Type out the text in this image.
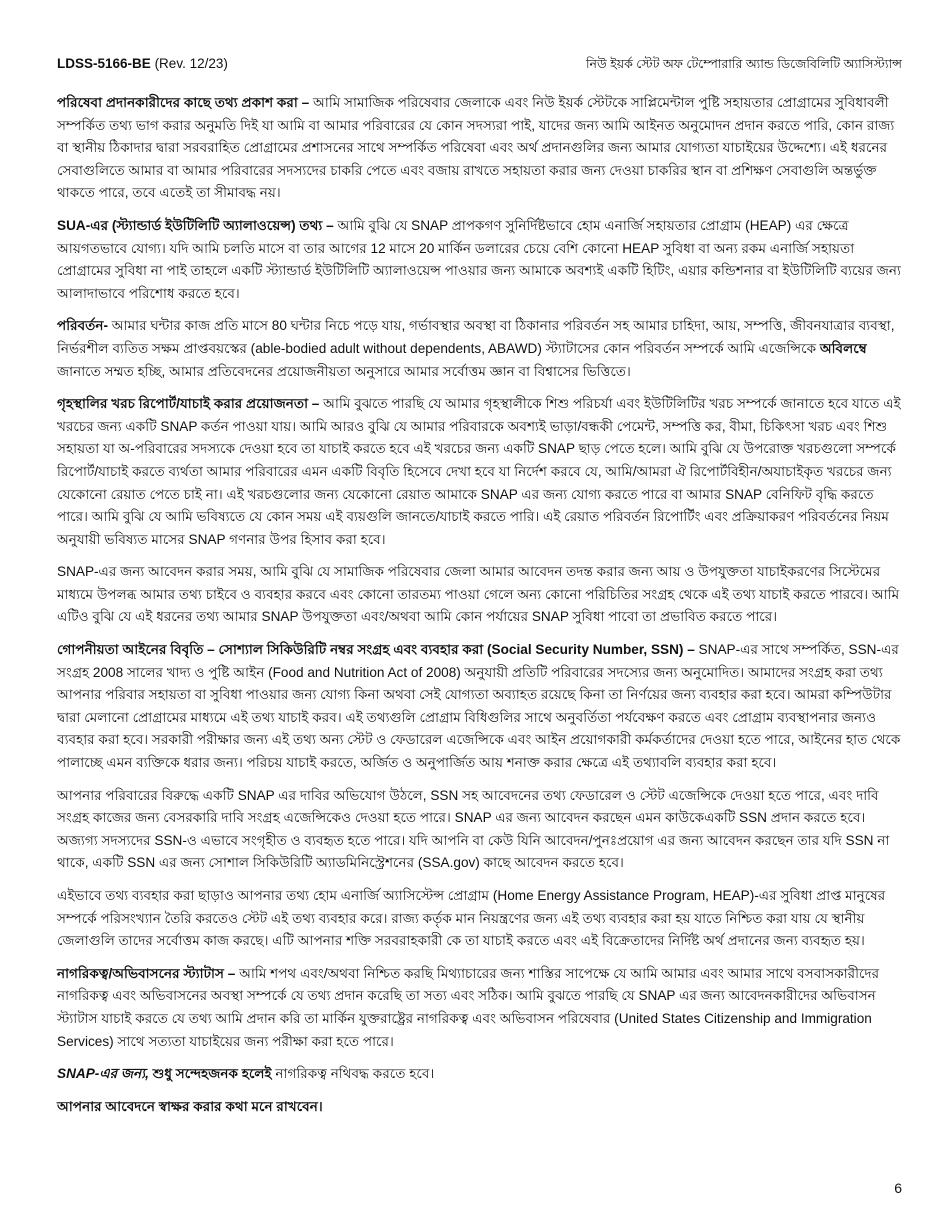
LDSS-5166-BE (Rev. 12/23)	নিউ ইয়র্ক স্টেট অফ টেম্পোরারি অ্যান্ড ডিজেবিলিটি অ্যাসিস্ট্যান্স

পরিষেবা প্রদানকারীদের কাছে তথ্য প্রকাশ করা – আমি সামাজিক পরিষেবার জেলাকে এবং নিউ ইয়র্ক স্টেটকে সাপ্লিমেন্টাল পুষ্টি সহায়তার প্রোগ্রামের সুবিধাবলী সম্পর্কিত তথ্য ভাগ করার অনুমতি দিই যা আমি বা আমার পরিবারের যে কোন সদস্যরা পাই, যাদের জন্য আমি আইনত অনুমোদন প্রদান করতে পারি, কোন রাজ্য বা স্থানীয় ঠিকাদার দ্বারা সরবরাহিত প্রোগ্রামের প্রশাসনের সাথে সম্পর্কিত পরিষেবা এবং অর্থ প্রদানগুলির জন্য আমার যোগ্যতা যাচাইয়ের উদ্দেশ্যে। এই ধরনের সেবাগুলিতে আমার বা আমার পরিবারের সদস্যদের চাকরি পেতে এবং বজায় রাখতে সহায়তা করার জন্য দেওয়া চাকরির স্থান বা প্রশিক্ষণ সেবাগুলি অন্তর্ভুক্ত থাকতে পারে, তবে এতেই তা সীমাবদ্ধ নয়।

SUA-এর (স্ট্যান্ডার্ড ইউটিলিটি অ্যালাওয়েন্স) তথ্য – আমি বুঝি যে SNAP প্রাপকগণ সুনির্দিষ্টভাবে হোম এনার্জি সহায়তার প্রোগ্রাম (HEAP) এর ক্ষেত্রে আয়গতভাবে যোগ্য। যদি আমি চলতি মাসে বা তার আগের 12 মাসে 20 মার্কিন ডলারের চেয়ে বেশি কোনো HEAP সুবিধা বা অন্য রকম এনার্জি সহায়তা প্রোগ্রামের সুবিধা না পাই তাহলে একটি স্ট্যান্ডার্ড ইউটিলিটি অ্যালাওয়েন্স পাওয়ার জন্য আমাকে অবশ্যই একটি হিটিং, এয়ার কন্ডিশনার বা ইউটিলিটি ব্যয়ের জন্য আলাদাভাবে পরিশোধ করতে হবে।

পরিবর্তন- আমার ঘন্টার কাজ প্রতি মাসে 80 ঘন্টার নিচে পড়ে যায়, গর্ভাবস্থার অবস্থা বা ঠিকানার পরিবর্তন সহ আমার চাহিদা, আয়, সম্পত্তি, জীবনযাত্রার ব্যবস্থা, নির্ভরশীল ব্যতিত সক্ষম প্রাপ্তবয়স্কের (able-bodied adult without dependents, ABAWD) স্ট্যাটাসের কোন পরিবর্তন সম্পর্কে আমি এজেন্সিকে অবিলম্বে জানাতে সম্মত হচ্ছি, আমার প্রতিবেদনের প্রয়োজনীয়তা অনুসারে আমার সর্বোত্তম জ্ঞান বা বিশ্বাসের ভিত্তিতে।

গৃহস্থালির খরচ রিপোর্ট/যাচাই করার প্রয়োজনতা – আমি বুঝতে পারছি যে আমার গৃহস্থালীকে শিশু পরিচর্যা এবং ইউটিলিটির খরচ সম্পর্কে জানাতে হবে যাতে এই খরচের জন্য একটি SNAP কর্তন পাওয়া যায়। আমি আরও বুঝি যে আমার পরিবারকে অবশ্যই ভাড়া/বন্ধকী পেমেন্ট, সম্পত্তি কর, বীমা, চিকিৎসা খরচ এবং শিশু সহায়তা যা অ-পরিবারের সদস্যকে দেওয়া হবে তা যাচাই করতে হবে এই খরচের জন্য একটি SNAP ছাড় পেতে হলে। আমি বুঝি যে উপরোক্ত খরচগুলো সম্পর্কে রিপোর্ট/যাচাই করতে ব্যর্থতা আমার পরিবারের এমন একটি বিবৃতি হিসেবে দেখা হবে যা নির্দেশ করবে যে, আমি/আমরা ঐ রিপোর্টবিহীন/অযাচাইকৃত খরচের জন্য যেকোনো রেয়াত পেতে চাই না। এই খরচগুলোর জন্য যেকোনো রেয়াত আমাকে SNAP এর জন্য যোগ্য করতে পারে বা আমার SNAP বেনিফিট বৃদ্ধি করতে পারে। আমি বুঝি যে আমি ভবিষ্যতে যে কোন সময় এই ব্যয়গুলি জানতে/যাচাই করতে পারি। এই রেয়াত পরিবর্তন রিপোর্টিং এবং প্রক্রিয়াকরণ পরিবর্তনের নিয়ম অনুযায়ী ভবিষ্যত মাসের SNAP গণনার উপর হিসাব করা হবে।

SNAP-এর জন্য আবেদন করার সময়, আমি বুঝি যে সামাজিক পরিষেবার জেলা আমার আবেদন তদন্ত করার জন্য আয় ও উপযুক্ততা যাচাইকরণের সিস্টেমের মাধ্যমে উপলব্ধ আমার তথ্য চাইবে ও ব্যবহার করবে এবং কোনো তারতম্য পাওয়া গেলে অন্য কোনো পরিচিতির সংগ্রহ থেকে এই তথ্য যাচাই করতে পারবে। আমি এটিও বুঝি যে এই ধরনের তথ্য আমার SNAP উপযুক্ততা এবং/অথবা আমি কোন পর্যায়ের SNAP সুবিধা পাবো তা প্রভাবিত করতে পারে।

গোপনীয়তা আইনের বিবৃতি – সোশ্যাল সিকিউরিটি নম্বর সংগ্রহ এবং ব্যবহার করা (Social Security Number, SSN) – SNAP-এর সাথে সম্পর্কিত, SSN-এর সংগ্রহ 2008 সালের খাদ্য ও পুষ্টি আইন (Food and Nutrition Act of 2008) অনুযায়ী প্রতিটি পরিবারের সদস্যের জন্য অনুমোদিত। আমাদের সংগ্রহ করা তথ্য আপনার পরিবার সহায়তা বা সুবিধা পাওয়ার জন্য যোগ্য কিনা অথবা সেই যোগ্যতা অব্যাহত রয়েছে কিনা তা নির্ণয়ের জন্য ব্যবহার করা হবে। আমরা কম্পিউটার দ্বারা মেলানো প্রোগ্রামের মাধ্যমে এই তথ্য যাচাই করব। এই তথ্যগুলি প্রোগ্রাম বিধিগুলির সাথে অনুবর্তিতা পর্যবেক্ষণ করতে এবং প্রোগ্রাম ব্যবস্থাপনার জন্যও ব্যবহার করা হবে। সরকারী পরীক্ষার জন্য এই তথ্য অন্য স্টেট ও ফেডারেল এজেন্সিকে এবং আইন প্রয়োগকারী কর্মকর্তাদের দেওয়া হতে পারে, আইনের হাত থেকে পালাচ্ছে এমন ব্যক্তিকে ধরার জন্য। পরিচয় যাচাই করতে, অর্জিত ও অনুপার্জিত আয় শনাক্ত করার ক্ষেত্রে এই তথ্যাবলি ব্যবহার করা হবে।

আপনার পরিবারের বিরুদ্ধে একটি SNAP এর দাবির অভিযোগ উঠলে, SSN সহ আবেদনের তথ্য ফেডারেল ও স্টেট এজেন্সিকে দেওয়া হতে পারে, এবং দাবি সংগ্রহ কাজের জন্য বেসরকারি দাবি সংগ্রহ এজেন্সিকেও দেওয়া হতে পারে। SNAP এর জন্য আবেদন করছেন এমন কাউকেএকটি SSN প্রদান করতে হবে। অজ্যগ্য সদস্যদের SSN-ও এভাবে সংগৃহীত ও ব্যবহৃত হতে পারে। যদি আপনি বা কেউ যিনি আবেদন/পুনঃপ্রয়োগ এর জন্য আবেদন করছেন তার যদি SSN না থাকে, একটি SSN এর জন্য সোশাল সিকিউরিটি অ্যাডমিনিস্ট্রেশনের (SSA.gov) কাছে আবেদন করতে হবে।

এইভাবে তথ্য ব্যবহার করা ছাড়াও আপনার তথ্য হোম এনার্জি অ্যাসিস্টেন্স প্রোগ্রাম (Home Energy Assistance Program, HEAP)-এর সুবিধা প্রাপ্ত মানুষের সম্পর্কে পরিসংখ্যান তৈরি করতেও স্টেট এই তথ্য ব্যবহার করে। রাজ্য কর্তৃক মান নিয়ন্ত্রণের জন্য এই তথ্য ব্যবহার করা হয় যাতে নিশ্চিত করা যায় যে স্থানীয় জেলাগুলি তাদের সর্বোত্তম কাজ করছে। এটি আপনার শক্তি সরবরাহকারী কে তা যাচাই করতে এবং এই বিক্রেতাদের নির্দিষ্ট অর্থ প্রদানের জন্য ব্যবহৃত হয়।

নাগরিকত্ব/অভিবাসনের স্ট্যাটাস – আমি শপথ এবং/অথবা নিশ্চিত করছি মিথ্যাচারের জন্য শাস্তির সাপেক্ষে যে আমি আমার এবং আমার সাথে বসবাসকারীদের নাগরিকত্ব এবং অভিবাসনের অবস্থা সম্পর্কে যে তথ্য প্রদান করেছি তা সত্য এবং সঠিক। আমি বুঝতে পারছি যে SNAP এর জন্য আবেদনকারীদের অভিবাসন স্ট্যাটাস যাচাই করতে যে তথ্য আমি প্রদান করি তা মার্কিন যুক্তরাষ্ট্রের নাগরিকত্ব এবং অভিবাসন পরিষেবার (United States Citizenship and Immigration Services) সাথে সত্যতা যাচাইয়ের জন্য পরীক্ষা করা হতে পারে।

SNAP-এর জন্য, শুধু সন্দেহজনক হলেই নাগরিকত্ব নথিবদ্ধ করতে হবে।

আপনার আবেদনে স্বাক্ষর করার কথা মনে রাখবেন।

6
